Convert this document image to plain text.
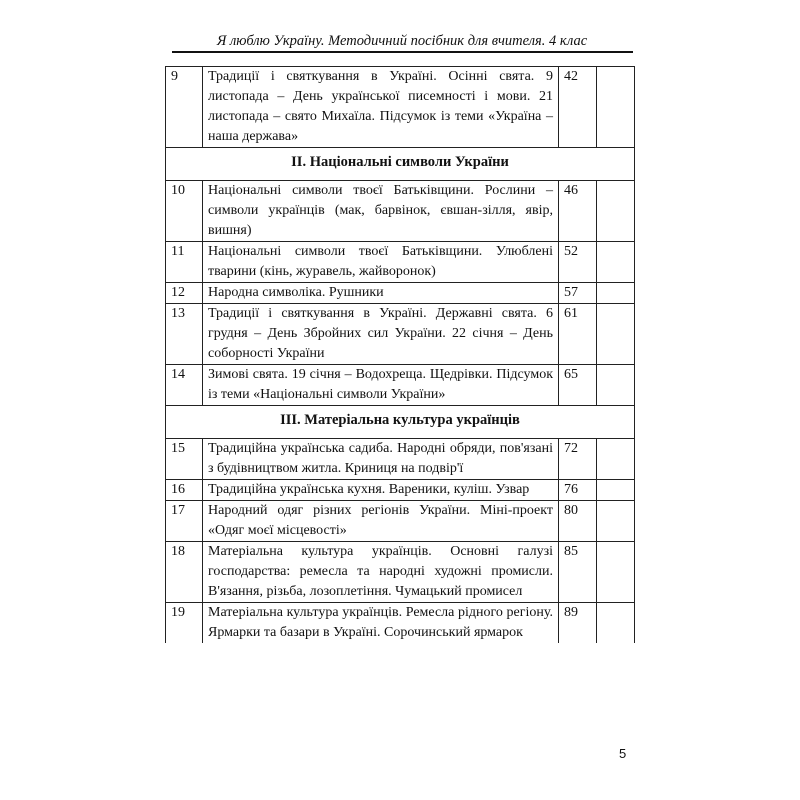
Я люблю Україну. Методичний посібник для вчителя. 4 клас
9	Традиції і святкування в Україні. Осінні свята. 9 листопада – День української писемності і мови. 21 листопада – свято Михаїла. Підсумок із теми «Україна – наша держава»	42	
ІІ. Національні символи України			
10	Національні символи твоєї Батьківщини. Рослини – символи українців (мак, барвінок, євшан-зілля, явір, вишня)	46	
11	Національні символи твоєї Батьківщини. Улюблені тварини (кінь, журавель, жайворонок)	52	
12	Народна символіка. Рушники	57	
13	Традиції і святкування в Україні. Державні свята. 6 грудня – День Збройних сил України. 22 січня – День соборності України	61	
14	Зимові свята. 19 січня – Водохреща. Щедрівки. Підсумок із теми «Національні символи України»	65	
ІІІ. Матеріальна культура українців			
15	Традиційна українська садиба. Народні обряди, пов'язані з будівництвом житла. Криниця на подвір'ї	72	
16	Традиційна українська кухня. Вареники, куліш. Узвар	76	
17	Народний одяг різних регіонів України. Міні-проект «Одяг моєї місцевості»	80	
18	Матеріальна культура українців. Основні галузі господарства: ремесла та народні художні промисли. В'язання, різьба, лозоплетіння. Чумацький промисел	85	
19	Матеріальна культура українців. Ремесла рідного регіону. Ярмарки та базари в Україні. Сорочинський ярмарок	89	
5
